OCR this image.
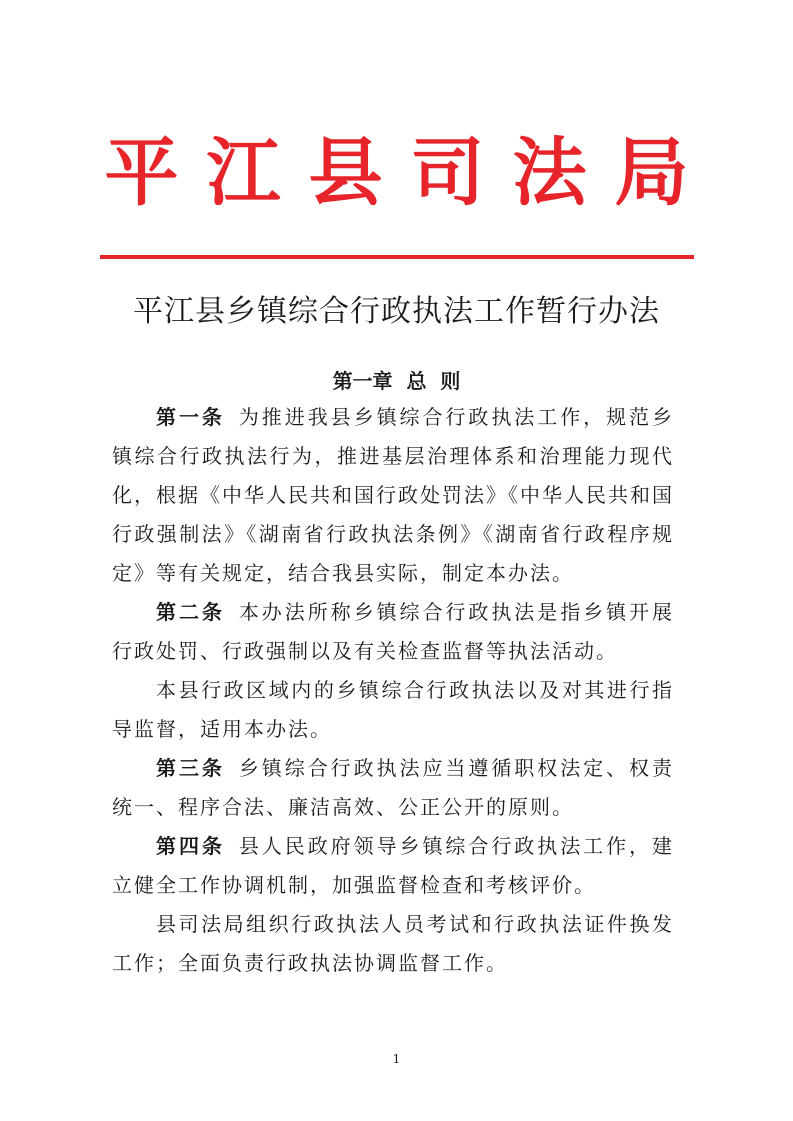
平江县司法局
平江县乡镇综合行政执法工作暂行办法
第一章  总  则

第一条 为推进我县乡镇综合行政执法工作，规范乡镇综合行政执法行为，推进基层治理体系和治理能力现代化，根据《中华人民共和国行政处罚法》《中华人民共和国行政强制法》《湖南省行政执法条例》《湖南省行政程序规定》等有关规定，结合我县实际，制定本办法。

第二条 本办法所称乡镇综合行政执法是指乡镇开展行政处罚、行政强制以及有关检查监督等执法活动。

本县行政区域内的乡镇综合行政执法以及对其进行指导监督，适用本办法。

第三条 乡镇综合行政执法应当遵循职权法定、权责统一、程序合法、廉洁高效、公正公开的原则。

第四条 县人民政府领导乡镇综合行政执法工作，建立健全工作协调机制，加强监督检查和考核评价。

县司法局组织行政执法人员考试和行政执法证件换发工作；全面负责行政执法协调监督工作。

1
